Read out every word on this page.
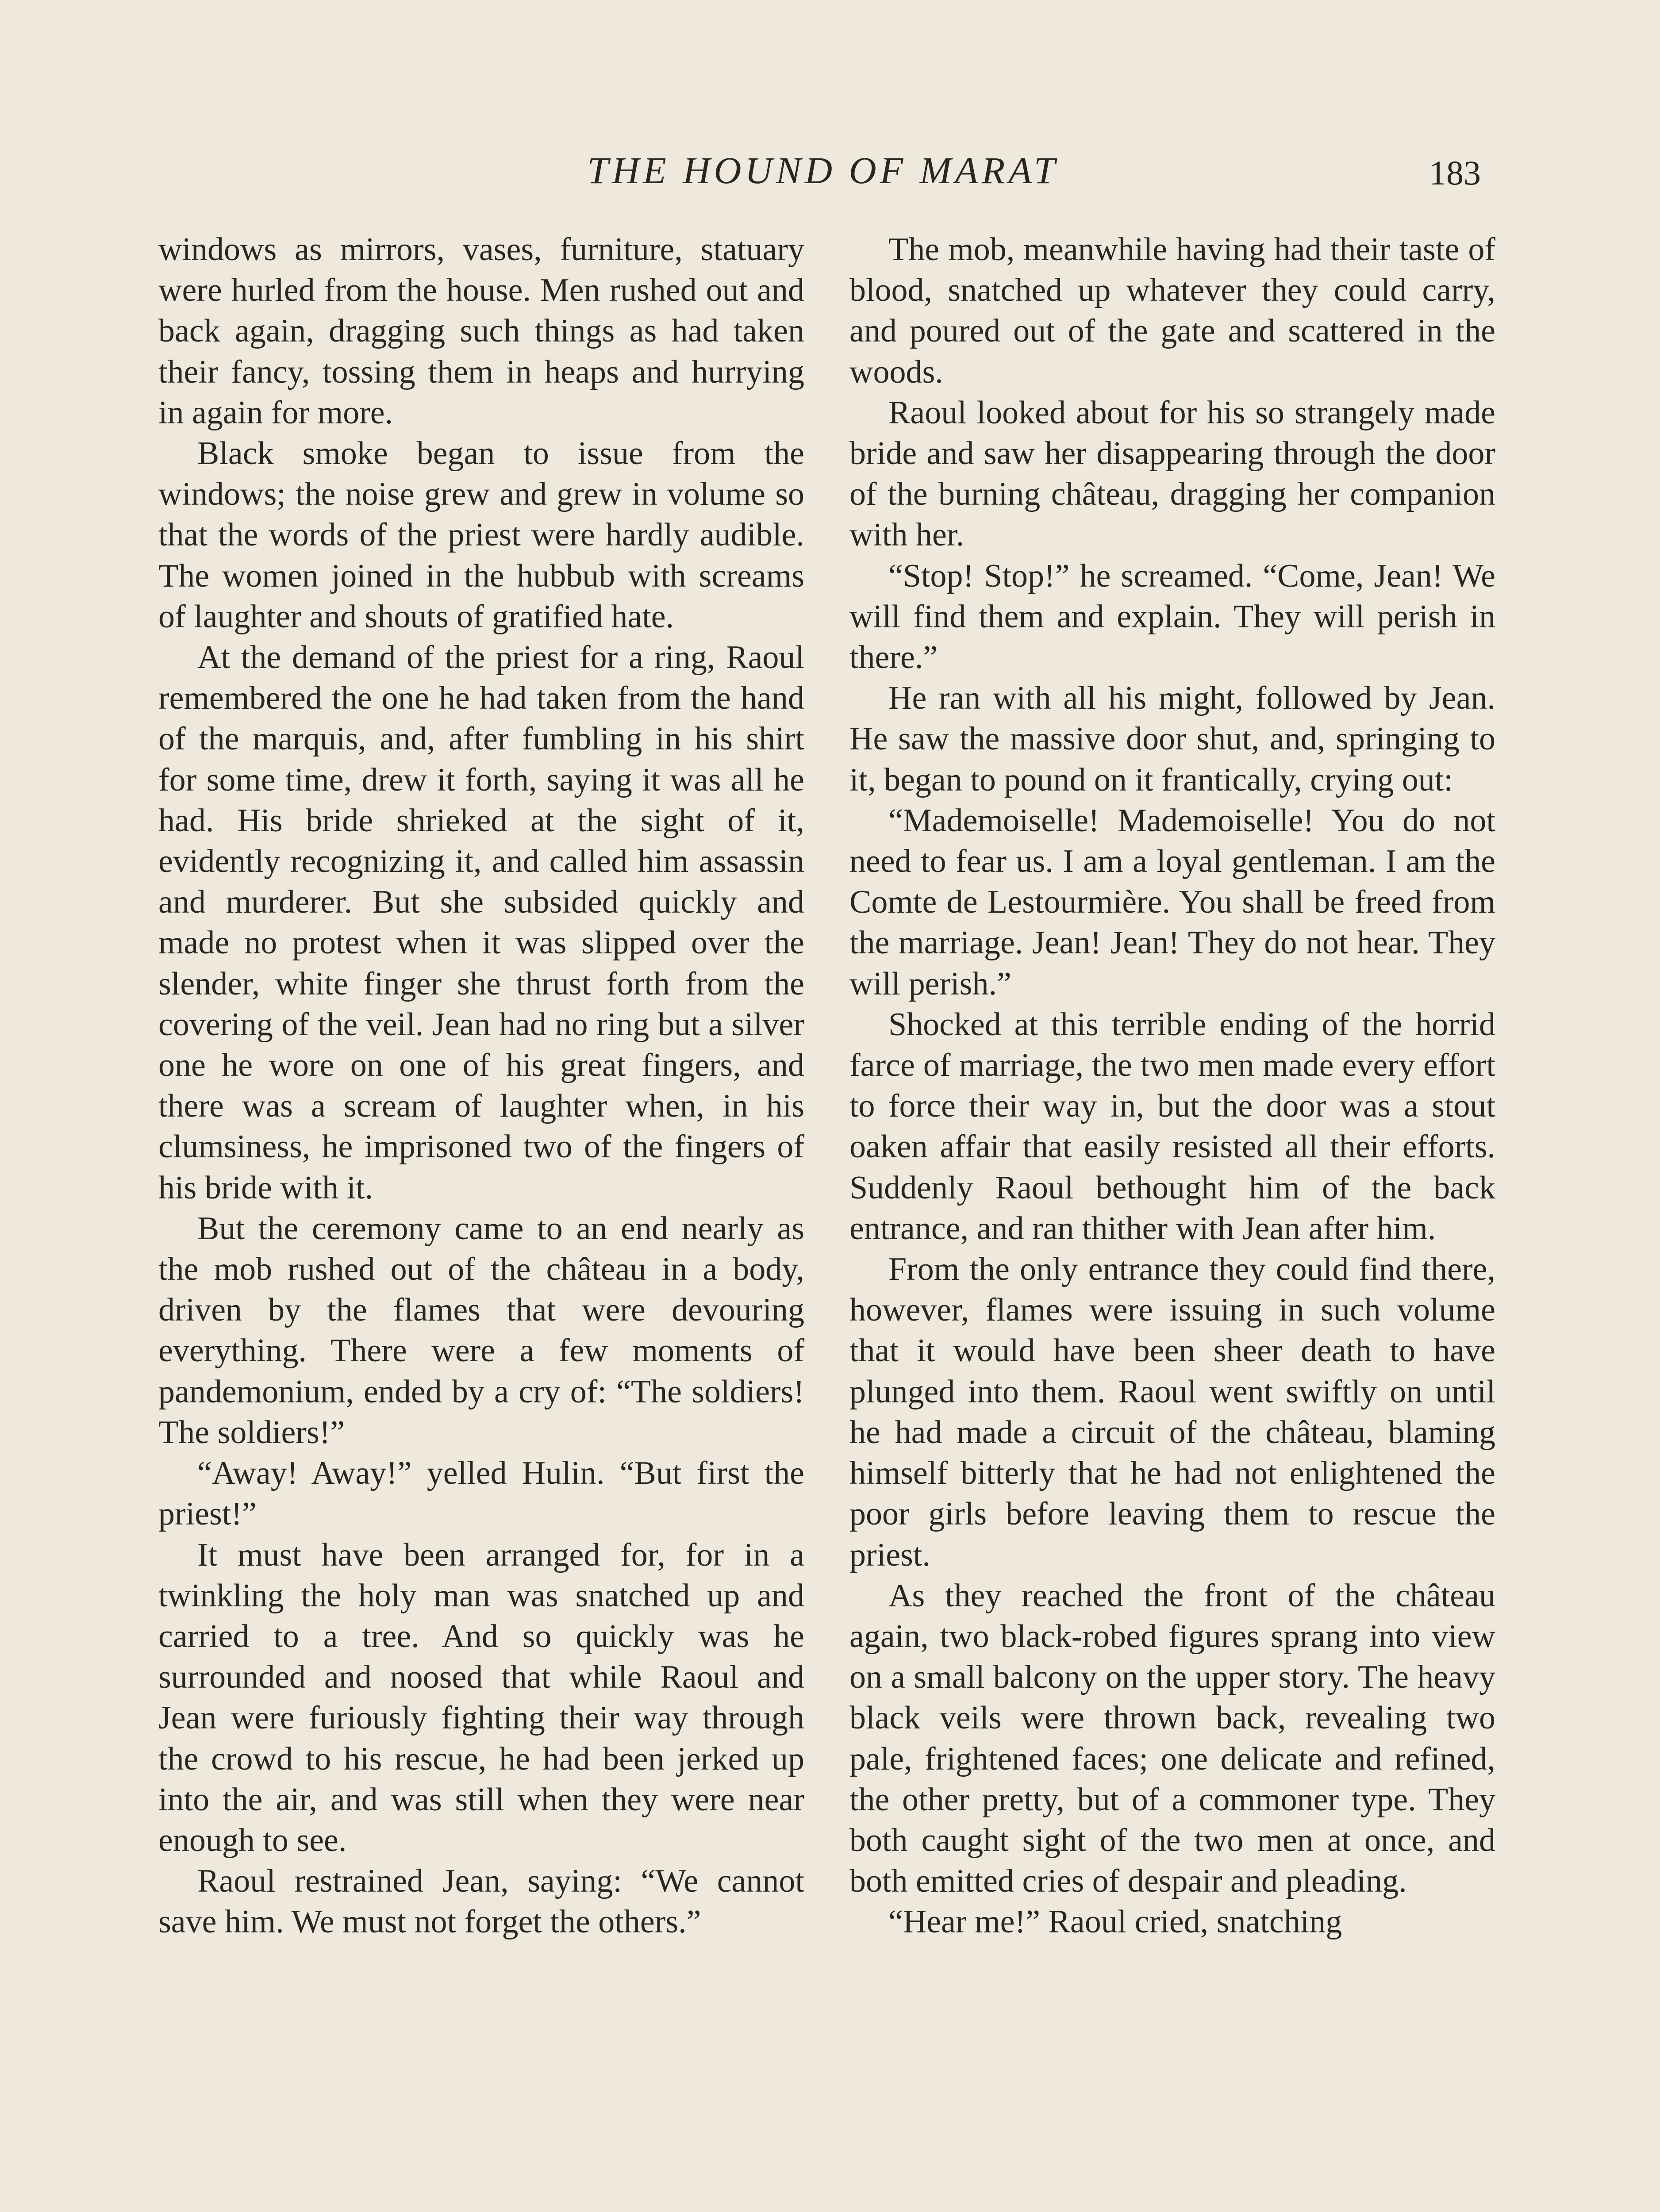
THE HOUND OF MARAT	183

windows as mirrors, vases, furniture, statuary were hurled from the house. Men rushed out and back again, dragging such things as had taken their fancy, tossing them in heaps and hurrying in again for more.

Black smoke began to issue from the windows; the noise grew and grew in volume so that the words of the priest were hardly audible. The women joined in the hubbub with screams of laughter and shouts of gratified hate.

At the demand of the priest for a ring, Raoul remembered the one he had taken from the hand of the marquis, and, after fumbling in his shirt for some time, drew it forth, saying it was all he had. His bride shrieked at the sight of it, evidently recognizing it, and called him assassin and murderer. But she subsided quickly and made no protest when it was slipped over the slender, white finger she thrust forth from the covering of the veil. Jean had no ring but a silver one he wore on one of his great fingers, and there was a scream of laughter when, in his clumsiness, he imprisoned two of the fingers of his bride with it.

But the ceremony came to an end nearly as the mob rushed out of the château in a body, driven by the flames that were devouring everything. There were a few moments of pandemonium, ended by a cry of: “The soldiers! The soldiers!”

“Away! Away!” yelled Hulin. “But first the priest!”

It must have been arranged for, for in a twinkling the holy man was snatched up and carried to a tree. And so quickly was he surrounded and noosed that while Raoul and Jean were furiously fighting their way through the crowd to his rescue, he had been jerked up into the air, and was still when they were near enough to see.

Raoul restrained Jean, saying: “We cannot save him. We must not forget the others.”

The mob, meanwhile having had their taste of blood, snatched up whatever they could carry, and poured out of the gate and scattered in the woods.

Raoul looked about for his so strangely made bride and saw her disappearing through the door of the burning château, dragging her companion with her.

“Stop! Stop!” he screamed. “Come, Jean! We will find them and explain. They will perish in there.”

He ran with all his might, followed by Jean. He saw the massive door shut, and, springing to it, began to pound on it frantically, crying out:

“Mademoiselle! Mademoiselle! You do not need to fear us. I am a loyal gentleman. I am the Comte de Lestourmière. You shall be freed from the marriage. Jean! Jean! They do not hear. They will perish.”

Shocked at this terrible ending of the horrid farce of marriage, the two men made every effort to force their way in, but the door was a stout oaken affair that easily resisted all their efforts. Suddenly Raoul bethought him of the back entrance, and ran thither with Jean after him.

From the only entrance they could find there, however, flames were issuing in such volume that it would have been sheer death to have plunged into them. Raoul went swiftly on until he had made a circuit of the château, blaming himself bitterly that he had not enlightened the poor girls before leaving them to rescue the priest.

As they reached the front of the château again, two black-robed figures sprang into view on a small balcony on the upper story. The heavy black veils were thrown back, revealing two pale, frightened faces; one delicate and refined, the other pretty, but of a commoner type. They both caught sight of the two men at once, and both emitted cries of despair and pleading.

“Hear me!” Raoul cried, snatching
